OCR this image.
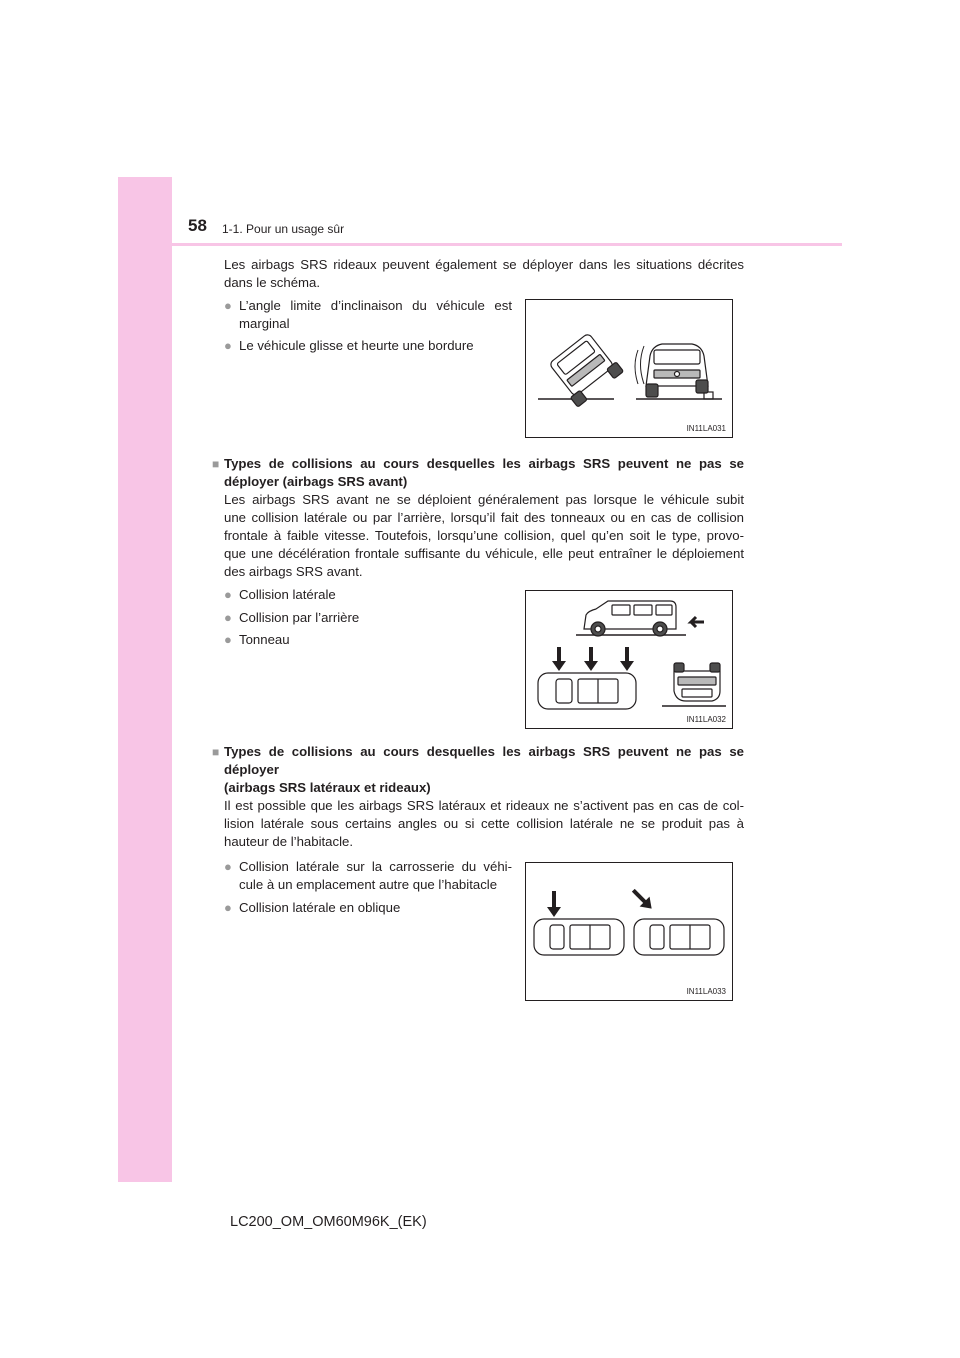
58 1-1. Pour un usage sûr
Les airbags SRS rideaux peuvent également se déployer dans les situations décrites
dans le schéma.
● L’angle limite d’inclinaison du véhicule est
marginal
● Le véhicule glisse et heurte une bordure
IN11LA031
■ Types de collisions au cours desquelles les airbags SRS peuvent ne pas se
déployer (airbags SRS avant)
Les airbags SRS avant ne se déploient généralement pas lorsque le véhicule subit
une collision latérale ou par l’arrière, lorsqu’il fait des tonneaux ou en cas de collision
frontale à faible vitesse. Toutefois, lorsqu’une collision, quel qu’en soit le type, provo-
que une décélération frontale suffisante du véhicule, elle peut entraîner le déploiement
des airbags SRS avant.
● Collision latérale
● Collision par l’arrière
● Tonneau
IN11LA032
■ Types de collisions au cours desquelles les airbags SRS peuvent ne pas se
déployer
(airbags SRS latéraux et rideaux)
Il est possible que les airbags SRS latéraux et rideaux ne s’activent pas en cas de col-
lision latérale sous certains angles ou si cette collision latérale ne se produit pas à
hauteur de l’habitacle.
● Collision latérale sur la carrosserie du véhi-
cule à un emplacement autre que l’habitacle
● Collision latérale en oblique
IN11LA033
LC200_OM_OM60M96K_(EK)
